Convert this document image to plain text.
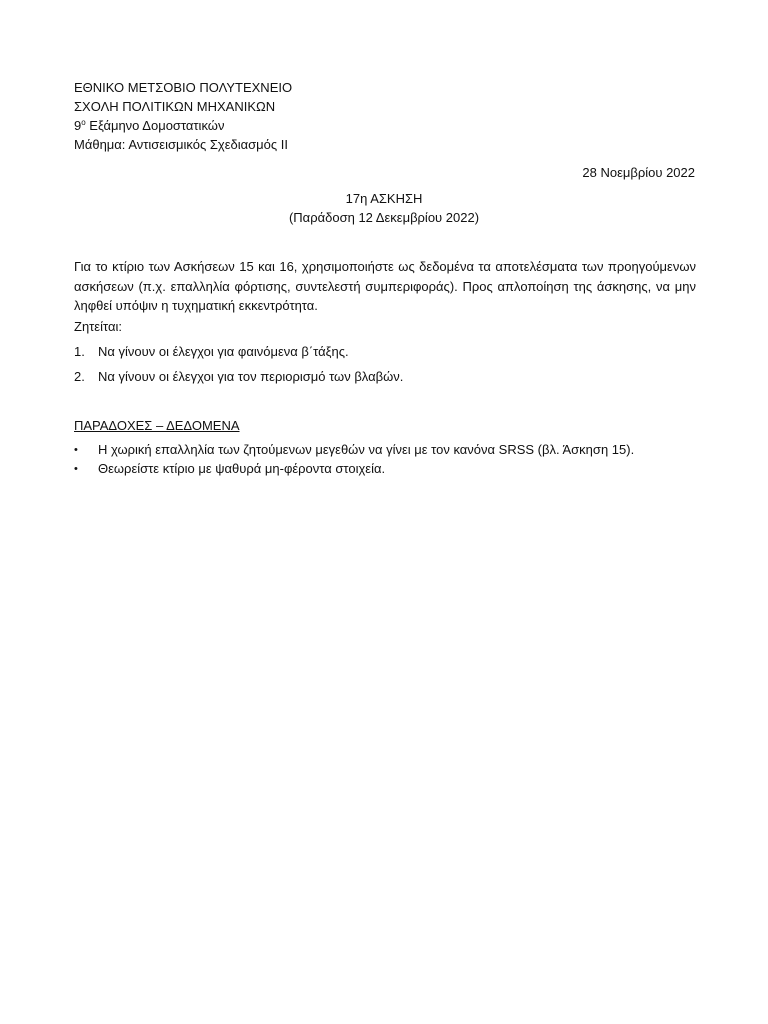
ΕΘΝΙΚΟ ΜΕΤΣΟΒΙΟ ΠΟΛΥΤΕΧΝΕΙΟ
ΣΧΟΛΗ ΠΟΛΙΤΙΚΩΝ ΜΗΧΑΝΙΚΩΝ
$9^o$ Εξάμηνο Δομοστατικών
Μάθημα: Αντισεισμικός Σχεδιασμός ΙΙ
28 Νοεμβρίου 2022
17η ΑΣΚΗΣΗ
(Παράδοση 12 Δεκεμβρίου 2022)
Για το κτίριο των Ασκήσεων 15 και 16, χρησιμοποιήστε ως δεδομένα τα αποτελέσματα των προηγούμενων ασκήσεων (π.χ. επαλληλία φόρτισης, συντελεστή συμπεριφοράς). Προς απλοποίηση της άσκησης, να μην ληφθεί υπόψιν η τυχηματική εκκεντρότητα.
Ζητείται:
1.	Να γίνουν οι έλεγχοι για φαινόμενα β΄τάξης.
2.	Να γίνουν οι έλεγχοι για τον περιορισμό των βλαβών.
ΠΑΡΑΔΟΧΕΣ – ΔΕΔΟΜΕΝΑ
•	Η χωρική επαλληλία των ζητούμενων μεγεθών να γίνει με τον κανόνα SRSS (βλ. Άσκηση 15).
•	Θεωρείστε κτίριο με ψαθυρά μη-φέροντα στοιχεία.
